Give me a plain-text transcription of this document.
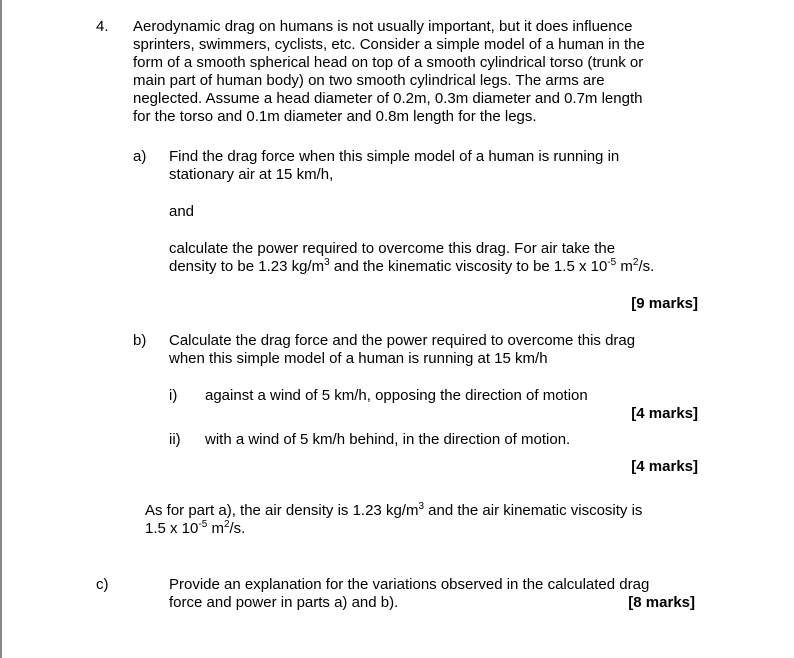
4. Aerodynamic drag on humans is not usually important, but it does influence
sprinters, swimmers, cyclists, etc. Consider a simple model of a human in the
form of a smooth spherical head on top of a smooth cylindrical torso (trunk or
main part of human body) on two smooth cylindrical legs. The arms are
neglected. Assume a head diameter of 0.2m, 0.3m diameter and 0.7m length
for the torso and 0.1m diameter and 0.8m length for the legs.
a) Find the drag force when this simple model of a human is running in
stationary air at 15 km/h,
and
calculate the power required to overcome this drag. For air take the
density to be 1.23 $kg/m^3$ and the kinematic viscosity to be 1.5 x $10^{-5}$ $m^2/s$.
[9 marks]
b) Calculate the drag force and the power required to overcome this drag
when this simple model of a human is running at 15 km/h
i) against a wind of 5 km/h, opposing the direction of motion
[4 marks]
ii) with a wind of 5 km/h behind, in the direction of motion.
[4 marks]
As for part a), the air density is 1.23 $kg/m^3$ and the air kinematic viscosity is
1.5 x $10^{-5}$ $m^2/s$.
c)	Provide an explanation for the variations observed in the calculated drag
force and power in parts a) and b).	[8 marks]
